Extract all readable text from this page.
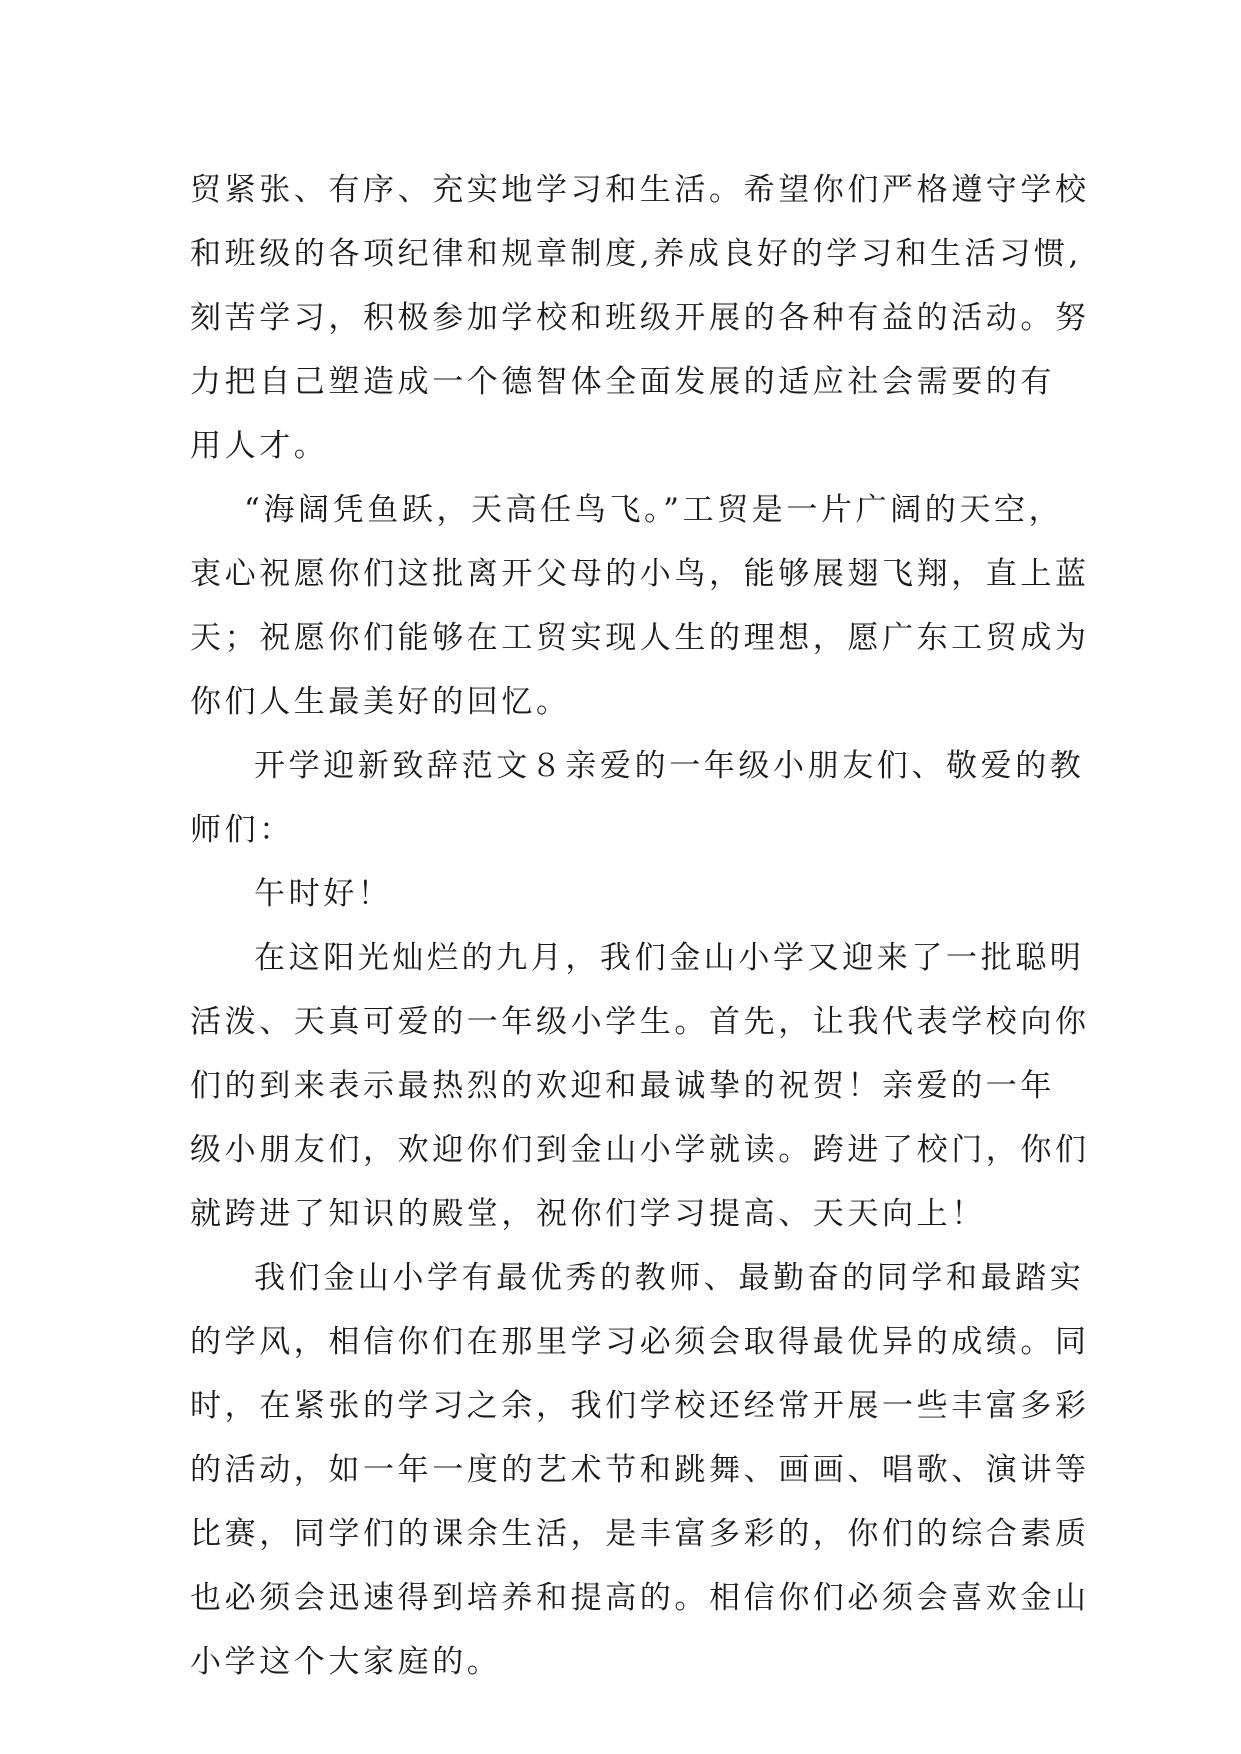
贸紧张、有序、充实地学习和生活。希望你们严格遵守学校
和班级的各项纪律和规章制度,养成良好的学习和生活习惯,
刻苦学习，积极参加学校和班级开展的各种有益的活动。努
力把自己塑造成一个德智体全面发展的适应社会需要的有
用人才。
“海阔凭鱼跃，天高任鸟飞。”工贸是一片广阔的天空，
衷心祝愿你们这批离开父母的小鸟，能够展翅飞翔，直上蓝
天；祝愿你们能够在工贸实现人生的理想，愿广东工贸成为
你们人生最美好的回忆。
开学迎新致辞范文８亲爱的一年级小朋友们、敬爱的教
师们：
午时好！
在这阳光灿烂的九月，我们金山小学又迎来了一批聪明
活泼、天真可爱的一年级小学生。首先，让我代表学校向你
们的到来表示最热烈的欢迎和最诚挚的祝贺！亲爱的一年
级小朋友们，欢迎你们到金山小学就读。跨进了校门，你们
就跨进了知识的殿堂，祝你们学习提高、天天向上！
我们金山小学有最优秀的教师、最勤奋的同学和最踏实
的学风，相信你们在那里学习必须会取得最优异的成绩。同
时，在紧张的学习之余，我们学校还经常开展一些丰富多彩
的活动，如一年一度的艺术节和跳舞、画画、唱歌、演讲等
比赛，同学们的课余生活，是丰富多彩的，你们的综合素质
也必须会迅速得到培养和提高的。相信你们必须会喜欢金山
小学这个大家庭的。
